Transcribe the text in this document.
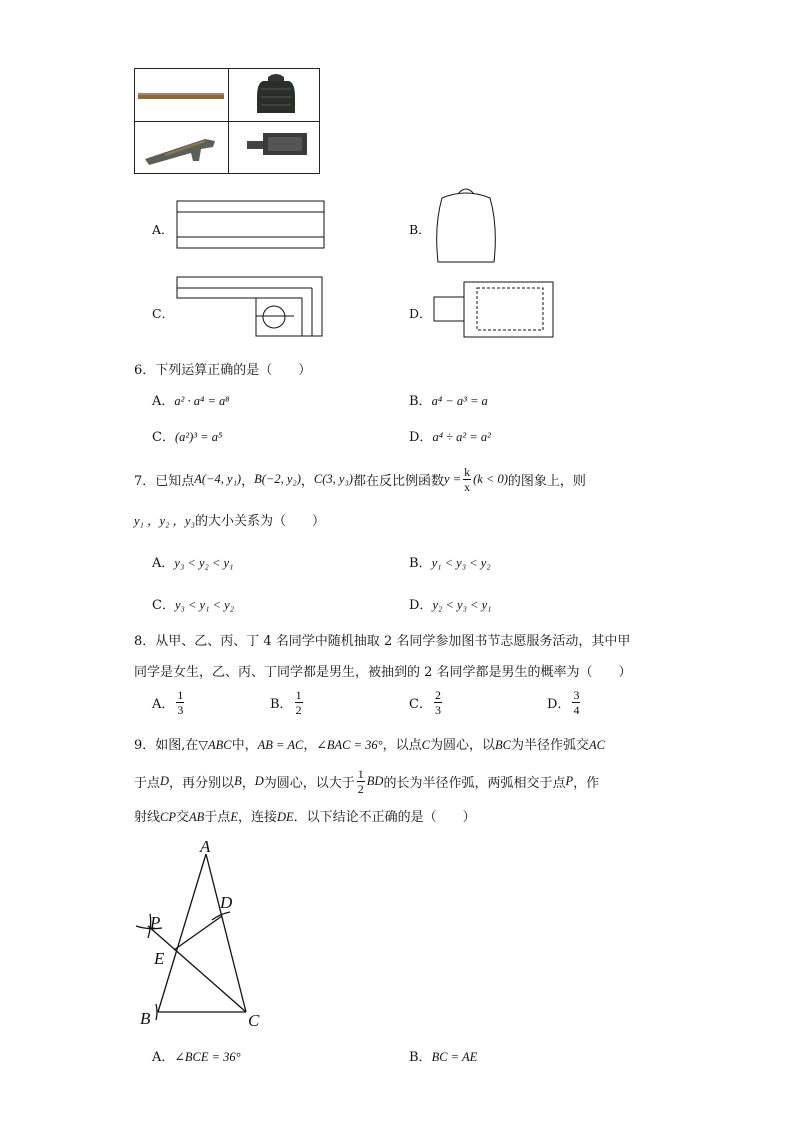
A．	B．
C．	D．
6．下列运算正确的是（　　）
A．a² · a⁴ = a⁸	B．a⁴ − a³ = a
C．(a²)³ = a⁵	D．a⁴ ÷ a² = a²
7．已知点 A(−4, y₁) ， B(−2, y₂) ， C(3, y₃) 都在反比例函数 $y = \frac{k}{x} (k < 0)$ 的图象上，则
y₁ ，y₂ ，y₃的大小关系为（　　）
A．y₃ < y₂ < y₁	B．y₁ < y₃ < y₂
C．y₃ < y₁ < y₂	D．y₂ < y₃ < y₁
8．从甲、乙、丙、丁 4 名同学中随机抽取 2 名同学参加图书节志愿服务活动，其中甲
同学是女生，乙、丙、丁同学都是男生，被抽到的 2 名同学都是男生的概率为（　　）
A． $\frac{1}{3}$	B． $\frac{1}{2}$	C． $\frac{2}{3}$	D． $\frac{3}{4}$
9．如图,在▽ABC中，AB = AC，∠BAC = 36°，以点C为圆心，以BC为半径作弧交AC
于点 D ，再分别以 B ， D 为圆心，以大于 $\frac{1}{2}$ BD 的长为半径作弧，两弧相交于点 P ，作
射线CP交AB于点E，连接DE．以下结论不正确的是（　　）
A
D
P
E
B	C
A．∠BCE = 36°	B．BC = AE
